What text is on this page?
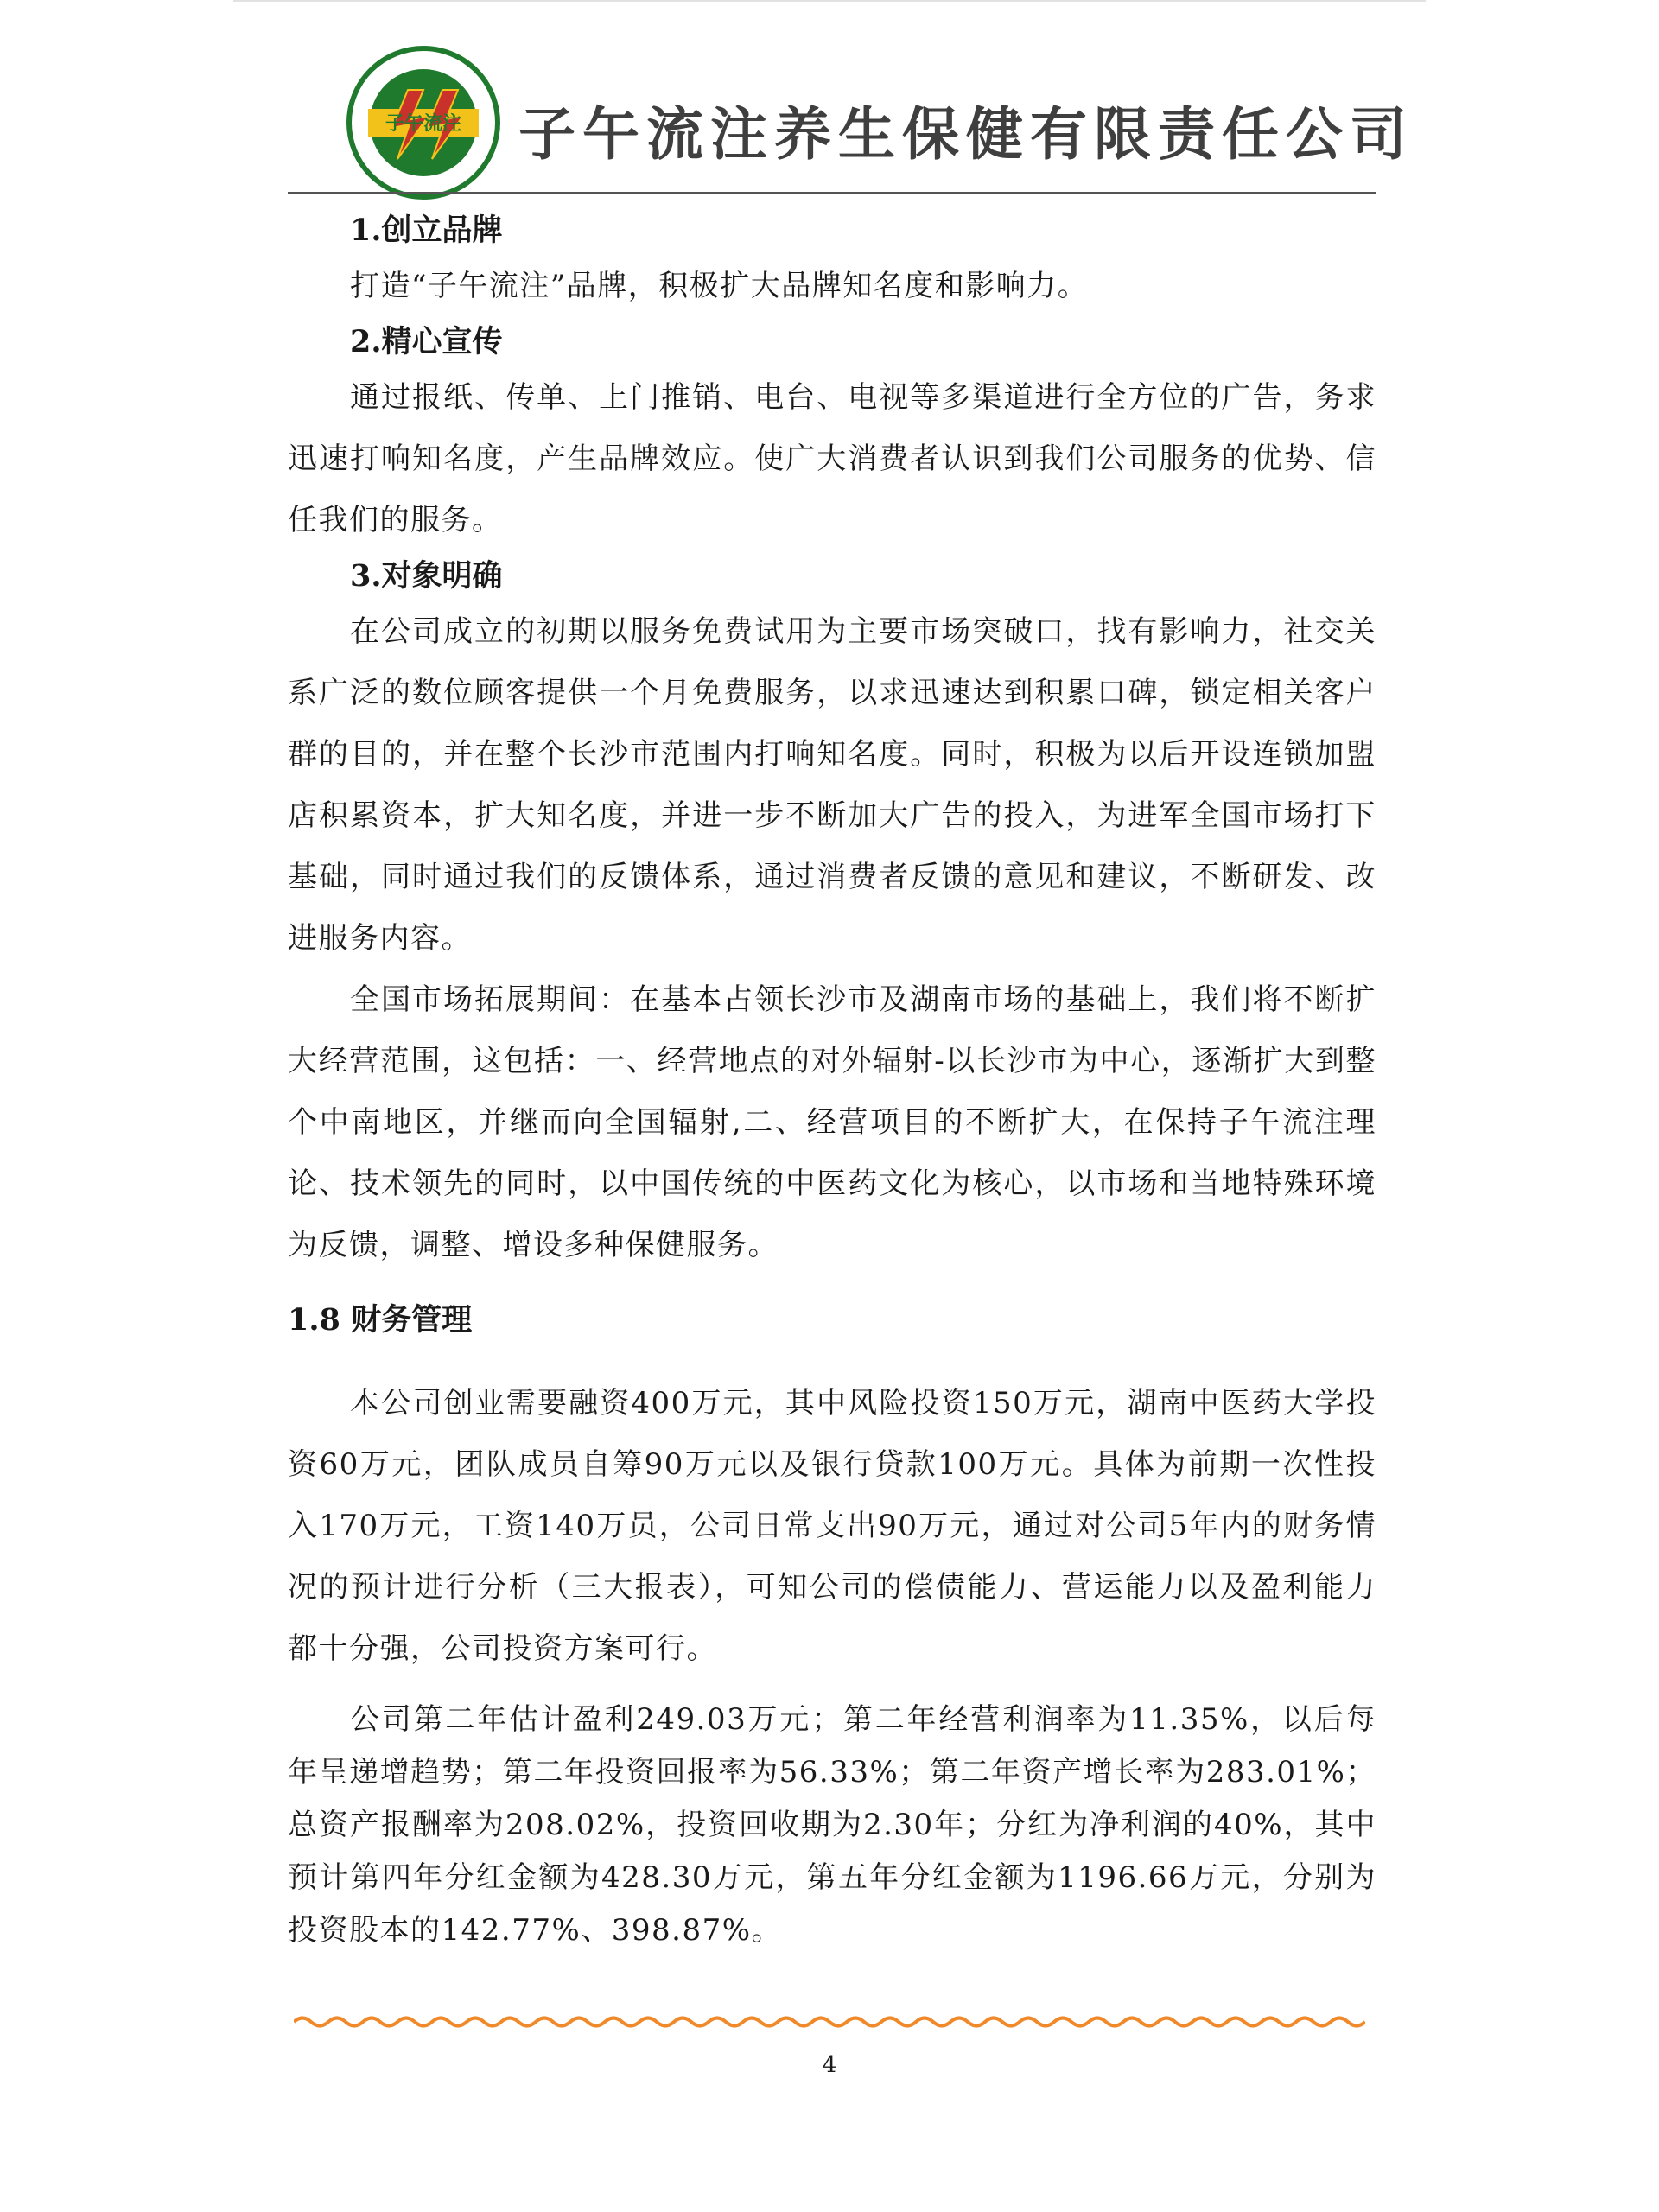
子午流注 子午流注养生保健有限责任公司
1.创立品牌
打造“子午流注”品牌，积极扩大品牌知名度和影响力。
2.精心宣传
通过报纸、传单、上门推销、电台、电视等多渠道进行全方位的广告，务求迅速打响知名度，产生品牌效应。使广大消费者认识到我们公司服务的优势、信任我们的服务。
3.对象明确
在公司成立的初期以服务免费试用为主要市场突破口，找有影响力，社交关系广泛的数位顾客提供一个月免费服务，以求迅速达到积累口碑，锁定相关客户群的目的，并在整个长沙市范围内打响知名度。同时，积极为以后开设连锁加盟店积累资本，扩大知名度，并进一步不断加大广告的投入，为进军全国市场打下基础，同时通过我们的反馈体系，通过消费者反馈的意见和建议，不断研发、改进服务内容。
全国市场拓展期间：在基本占领长沙市及湖南市场的基础上，我们将不断扩大经营范围，这包括：一、经营地点的对外辐射-以长沙市为中心，逐渐扩大到整个中南地区，并继而向全国辐射,二、经营项目的不断扩大，在保持子午流注理论、技术领先的同时，以中国传统的中医药文化为核心，以市场和当地特殊环境为反馈，调整、增设多种保健服务。
1.8 财务管理
本公司创业需要融资400万元，其中风险投资150万元，湖南中医药大学投资60万元，团队成员自筹90万元以及银行贷款100万元。具体为前期一次性投入170万元，工资140万员，公司日常支出90万元，通过对公司5年内的财务情况的预计进行分析（三大报表），可知公司的偿债能力、营运能力以及盈利能力都十分强，公司投资方案可行。
公司第二年估计盈利249.03万元；第二年经营利润率为11.35%，以后每年呈递增趋势；第二年投资回报率为56.33%；第二年资产增长率为283.01%；总资产报酬率为208.02%，投资回收期为2.30年；分红为净利润的40%，其中预计第四年分红金额为428.30万元，第五年分红金额为1196.66万元，分别为投资股本的142.77%、398.87%。
4
